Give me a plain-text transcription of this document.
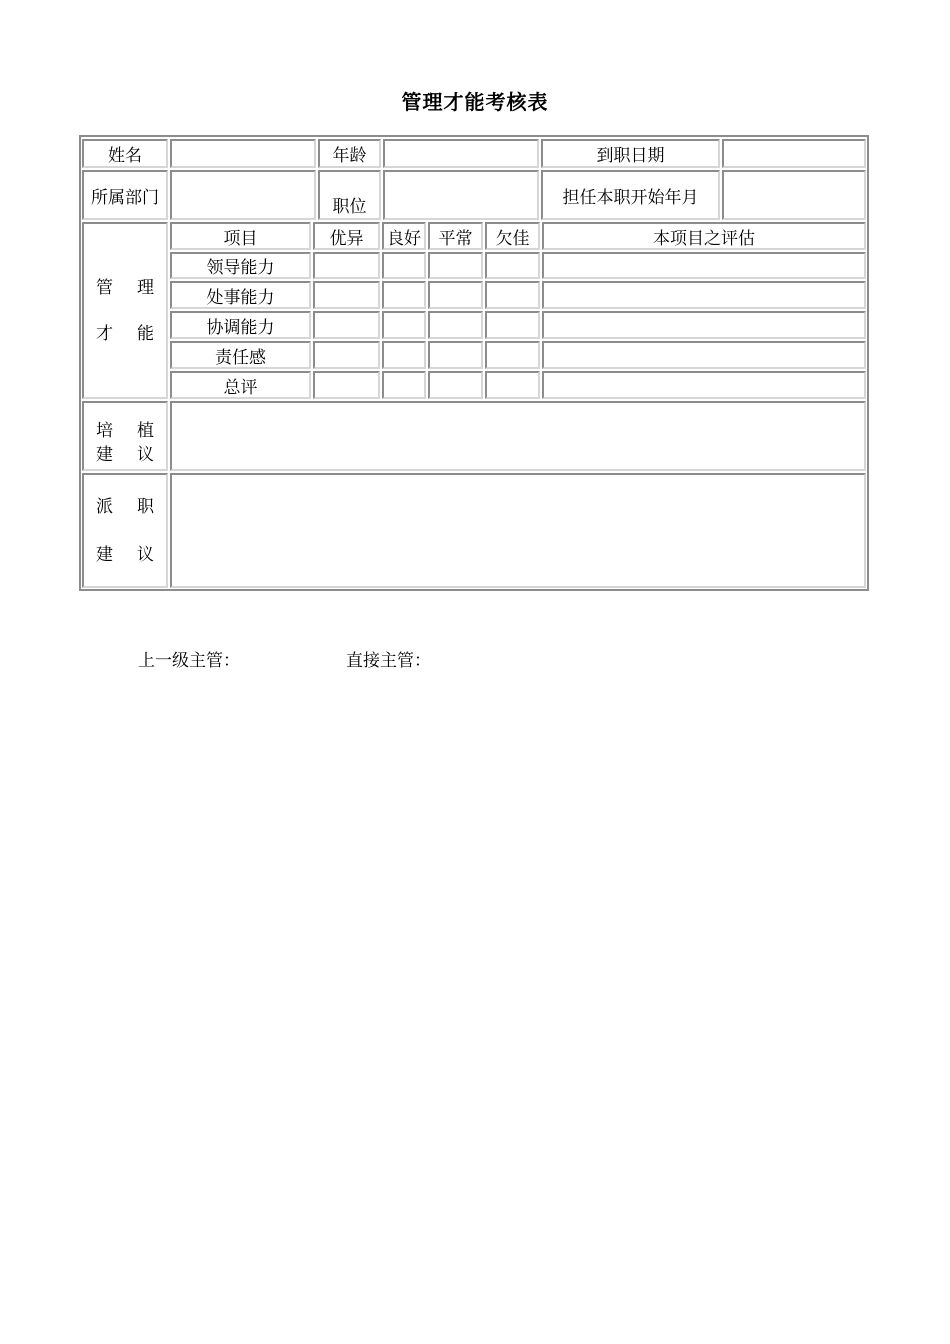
管理才能考核表
姓名	年龄	到职日期
所属部门	职位	担任本职开始年月
管 理
才 能
项目	优异	良好	平常	欠佳	本项目之评估
领导能力
处事能力
协调能力
责任感
总评
培 植
建 议
派 职
建 议
上一级主管：	直接主管：
